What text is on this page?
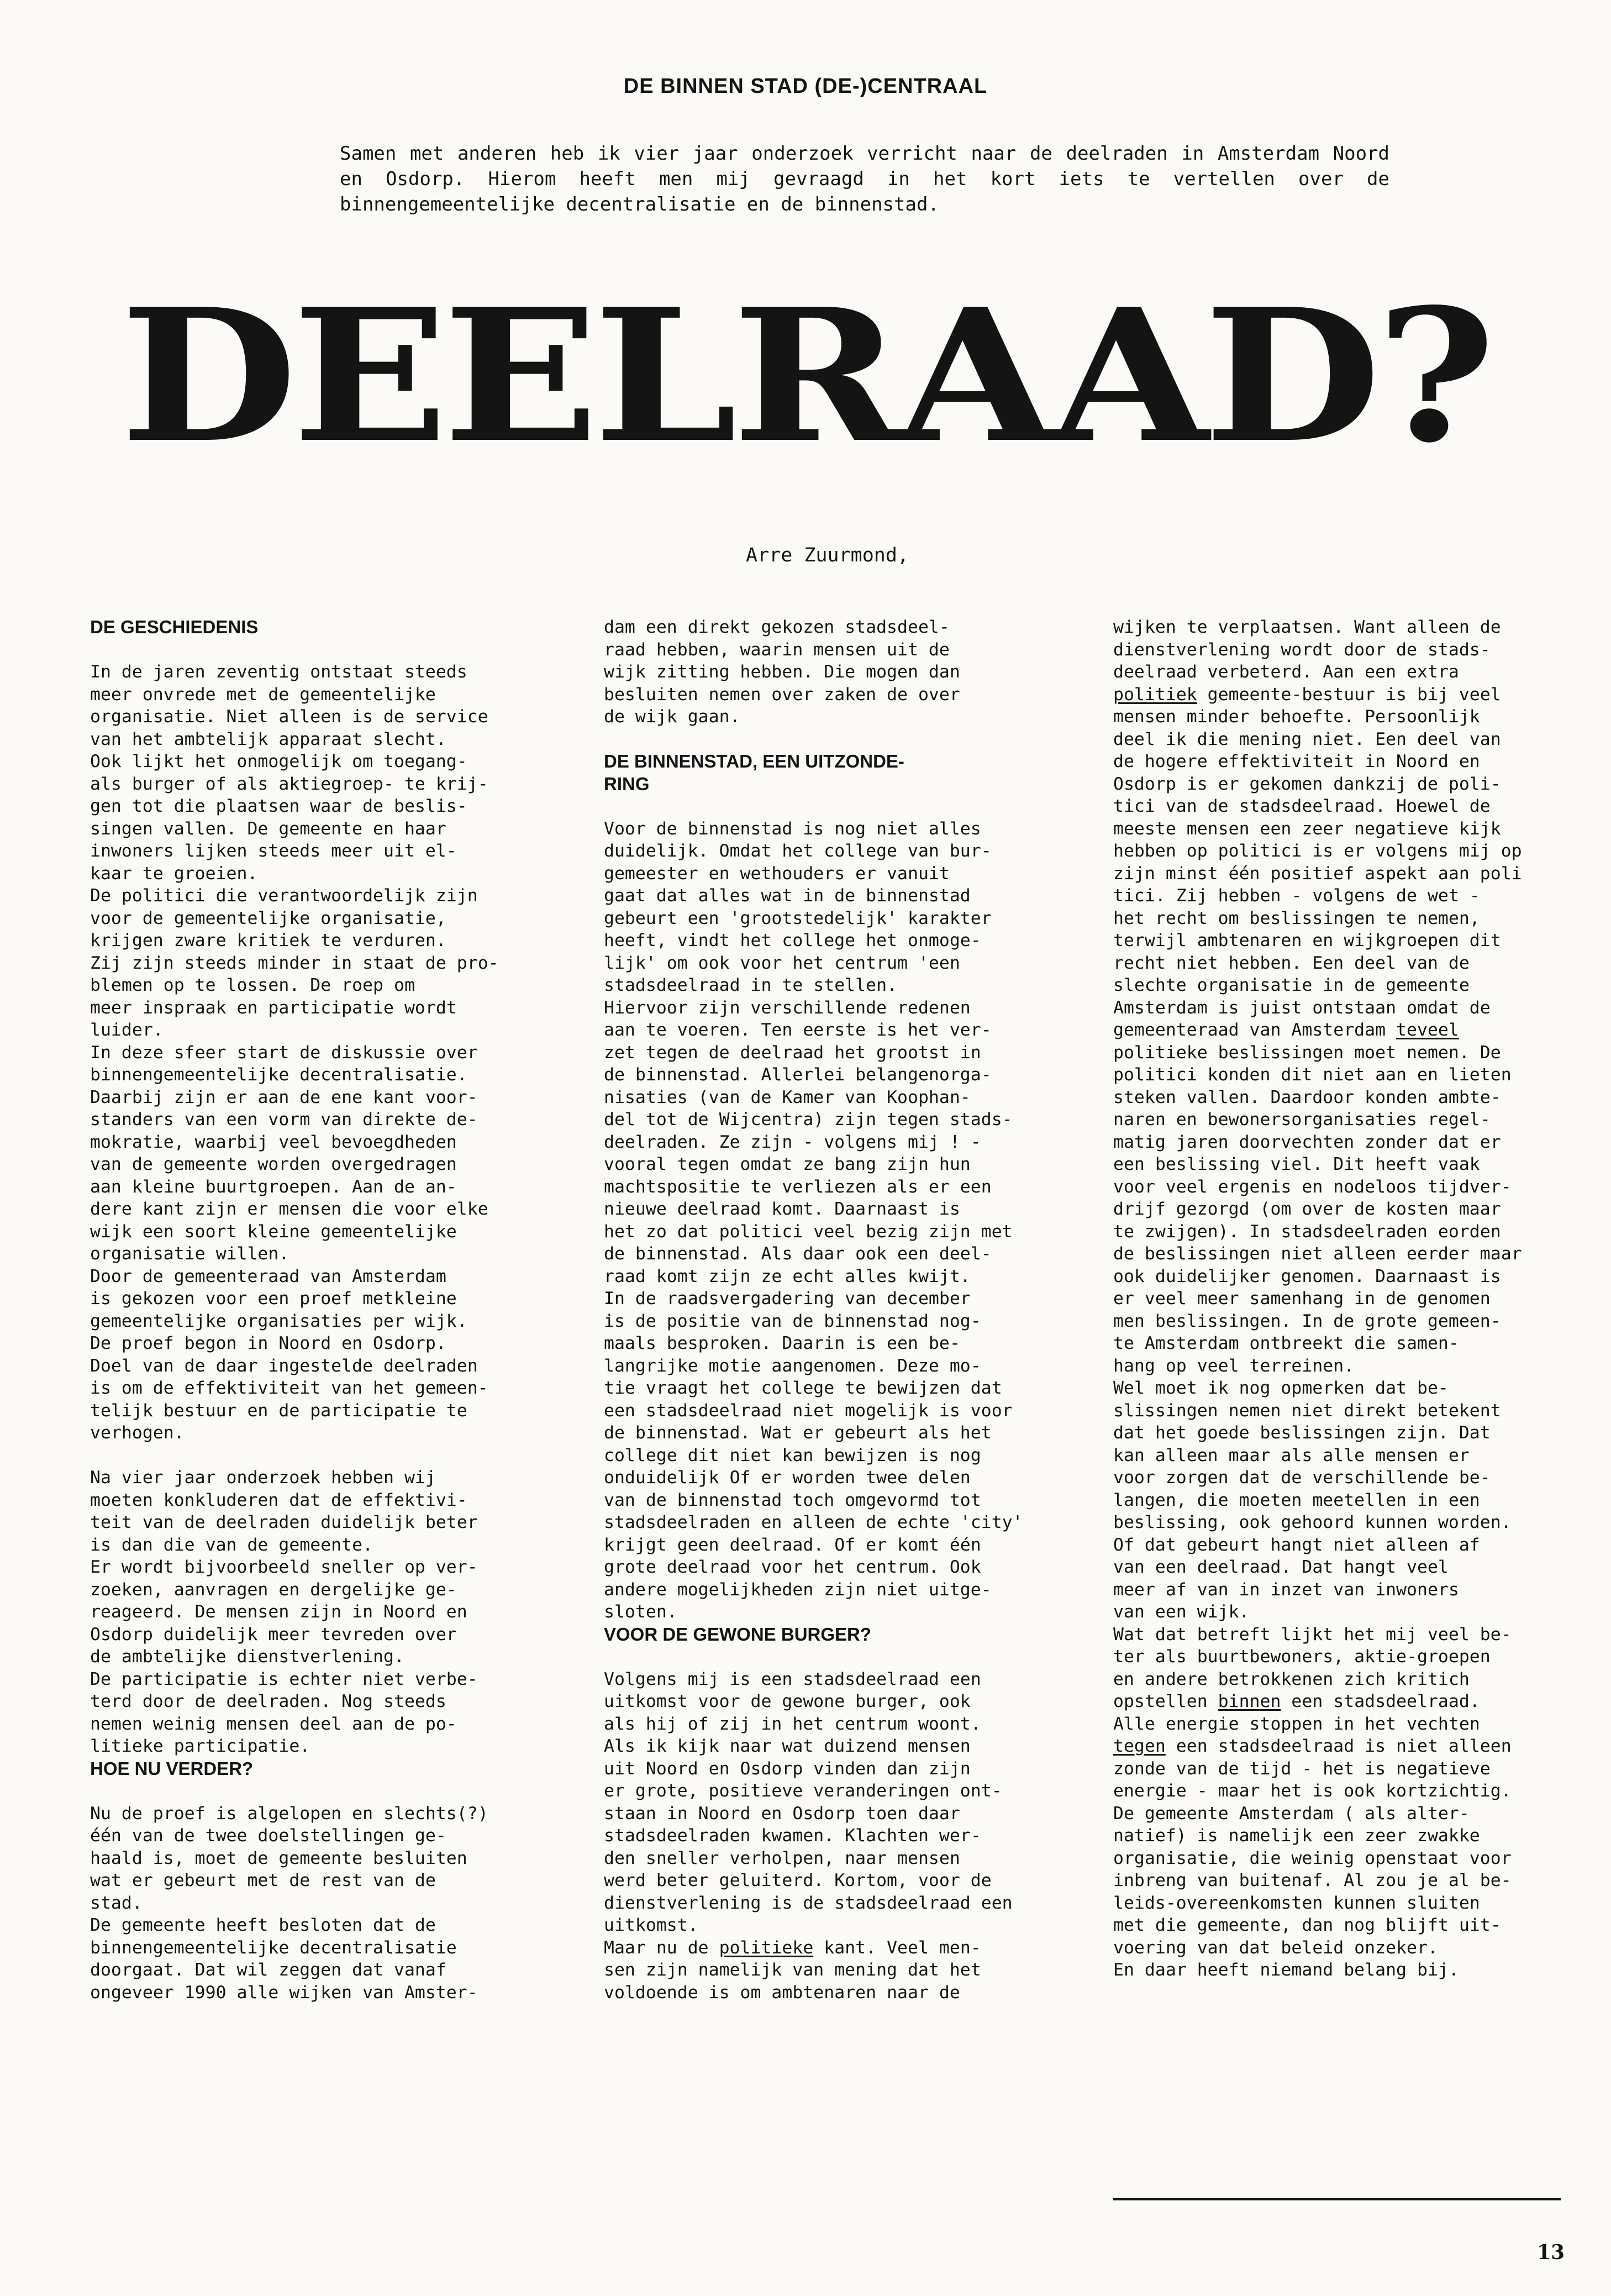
DE BINNEN STAD (DE-)CENTRAAL
Samen met anderen heb ik vier jaar onderzoek verricht naar de deelraden in Amsterdam Noord en Osdorp. Hierom heeft men mij gevraagd in het kort iets te vertellen over de binnengemeentelijke decentralisatie en de binnenstad.
DEELRAAD?
Arre Zuurmond,
DE GESCHIEDENIS
In de jaren zeventig ontstaat steeds
meer onvrede met de gemeentelijke
organisatie. Niet alleen is de service
van het ambtelijk apparaat slecht.
Ook lijkt het onmogelijk om toegang-
als burger of als aktiegroep- te krij-
gen tot die plaatsen waar de beslis-
singen vallen. De gemeente en haar
inwoners lijken steeds meer uit el-
kaar te groeien.
De politici die verantwoordelijk zijn
voor de gemeentelijke organisatie,
krijgen zware kritiek te verduren.
Zij zijn steeds minder in staat de pro-
blemen op te lossen. De roep om
meer inspraak en participatie wordt
luider.
In deze sfeer start de diskussie over
binnengemeentelijke decentralisatie.
Daarbij zijn er aan de ene kant voor-
standers van een vorm van direkte de-
mokratie, waarbij veel bevoegdheden
van de gemeente worden overgedragen
aan kleine buurtgroepen. Aan de an-
dere kant zijn er mensen die voor elke
wijk een soort kleine gemeentelijke
organisatie willen.
Door de gemeenteraad van Amsterdam
is gekozen voor een proef metkleine
gemeentelijke organisaties per wijk.
De proef begon in Noord en Osdorp.
Doel van de daar ingestelde deelraden
is om de effektiviteit van het gemeen-
telijk bestuur en de participatie te
verhogen.
Na vier jaar onderzoek hebben wij
moeten konkluderen dat de effektivi-
teit van de deelraden duidelijk beter
is dan die van de gemeente.
Er wordt bijvoorbeeld sneller op ver-
zoeken, aanvragen en dergelijke ge-
reageerd. De mensen zijn in Noord en
Osdorp duidelijk meer tevreden over
de ambtelijke dienstverlening.
De participatie is echter niet verbe-
terd door de deelraden. Nog steeds
nemen weinig mensen deel aan de po-
litieke participatie.
HOE NU VERDER?
Nu de proef is algelopen en slechts(?)
één van de twee doelstellingen ge-
haald is, moet de gemeente besluiten
wat er gebeurt met de rest van de
stad.
De gemeente heeft besloten dat de
binnengemeentelijke decentralisatie
doorgaat. Dat wil zeggen dat vanaf
ongeveer 1990 alle wijken van Amster-
dam een direkt gekozen stadsdeel-
raad hebben, waarin mensen uit de
wijk zitting hebben. Die mogen dan
besluiten nemen over zaken de over
de wijk gaan.
DE BINNENSTAD, EEN UITZONDE-
RING
Voor de binnenstad is nog niet alles
duidelijk. Omdat het college van bur-
gemeester en wethouders er vanuit
gaat dat alles wat in de binnenstad
gebeurt een 'grootstedelijk' karakter
heeft, vindt het college het onmoge-
lijk' om ook voor het centrum 'een
stadsdeelraad in te stellen.
Hiervoor zijn verschillende redenen
aan te voeren. Ten eerste is het ver-
zet tegen de deelraad het grootst in
de binnenstad. Allerlei belangenorga-
nisaties (van de Kamer van Koophan-
del tot de Wijcentra) zijn tegen stads-
deelraden. Ze zijn - volgens mij ! -
vooral tegen omdat ze bang zijn hun
machtspositie te verliezen als er een
nieuwe deelraad komt. Daarnaast is
het zo dat politici veel bezig zijn met
de binnenstad. Als daar ook een deel-
raad komt zijn ze echt alles kwijt.
In de raadsvergadering van december
is de positie van de binnenstad nog-
maals besproken. Daarin is een be-
langrijke motie aangenomen. Deze mo-
tie vraagt het college te bewijzen dat
een stadsdeelraad niet mogelijk is voor
de binnenstad. Wat er gebeurt als het
college dit niet kan bewijzen is nog
onduidelijk Of er worden twee delen
van de binnenstad toch omgevormd tot
stadsdeelraden en alleen de echte 'city'
krijgt geen deelraad. Of er komt één
grote deelraad voor het centrum. Ook
andere mogelijkheden zijn niet uitge-
sloten.
VOOR DE GEWONE BURGER?
Volgens mij is een stadsdeelraad een
uitkomst voor de gewone burger, ook
als hij of zij in het centrum woont.
Als ik kijk naar wat duizend mensen
uit Noord en Osdorp vinden dan zijn
er grote, positieve veranderingen ont-
staan in Noord en Osdorp toen daar
stadsdeelraden kwamen. Klachten wer-
den sneller verholpen, naar mensen
werd beter geluiterd. Kortom, voor de
dienstverlening is de stadsdeelraad een
uitkomst.
Maar nu de politieke kant. Veel men-
sen zijn namelijk van mening dat het
voldoende is om ambtenaren naar de
wijken te verplaatsen. Want alleen de
dienstverlening wordt door de stads-
deelraad verbeterd. Aan een extra
politiek gemeente-bestuur is bij veel
mensen minder behoefte. Persoonlijk
deel ik die mening niet. Een deel van
de hogere effektiviteit in Noord en
Osdorp is er gekomen dankzij de poli-
tici van de stadsdeelraad. Hoewel de
meeste mensen een zeer negatieve kijk
hebben op politici is er volgens mij op
zijn minst één positief aspekt aan poli
tici. Zij hebben - volgens de wet -
het recht om beslissingen te nemen,
terwijl ambtenaren en wijkgroepen dit
recht niet hebben. Een deel van de
slechte organisatie in de gemeente
Amsterdam is juist ontstaan omdat de
gemeenteraad van Amsterdam teveel
politieke beslissingen moet nemen. De
politici konden dit niet aan en lieten
steken vallen. Daardoor konden ambte-
naren en bewonersorganisaties regel-
matig jaren doorvechten zonder dat er
een beslissing viel. Dit heeft vaak
voor veel ergenis en nodeloos tijdver-
drijf gezorgd (om over de kosten maar
te zwijgen). In stadsdeelraden eorden
de beslissingen niet alleen eerder maar
ook duidelijker genomen. Daarnaast is
er veel meer samenhang in de genomen
men beslissingen. In de grote gemeen-
te Amsterdam ontbreekt die samen-
hang op veel terreinen.
Wel moet ik nog opmerken dat be-
slissingen nemen niet direkt betekent
dat het goede beslissingen zijn. Dat
kan alleen maar als alle mensen er
voor zorgen dat de verschillende be-
langen, die moeten meetellen in een
beslissing, ook gehoord kunnen worden.
Of dat gebeurt hangt niet alleen af
van een deelraad. Dat hangt veel
meer af van in inzet van inwoners
van een wijk.
Wat dat betreft lijkt het mij veel be-
ter als buurtbewoners, aktie-groepen
en andere betrokkenen zich kritich
opstellen binnen een stadsdeelraad.
Alle energie stoppen in het vechten
tegen een stadsdeelraad is niet alleen
zonde van de tijd - het is negatieve
energie - maar het is ook kortzichtig.
De gemeente Amsterdam ( als alter-
natief) is namelijk een zeer zwakke
organisatie, die weinig openstaat voor
inbreng van buitenaf. Al zou je al be-
leids-overeenkomsten kunnen sluiten
met die gemeente, dan nog blijft uit-
voering van dat beleid onzeker.
En daar heeft niemand belang bij.
13
